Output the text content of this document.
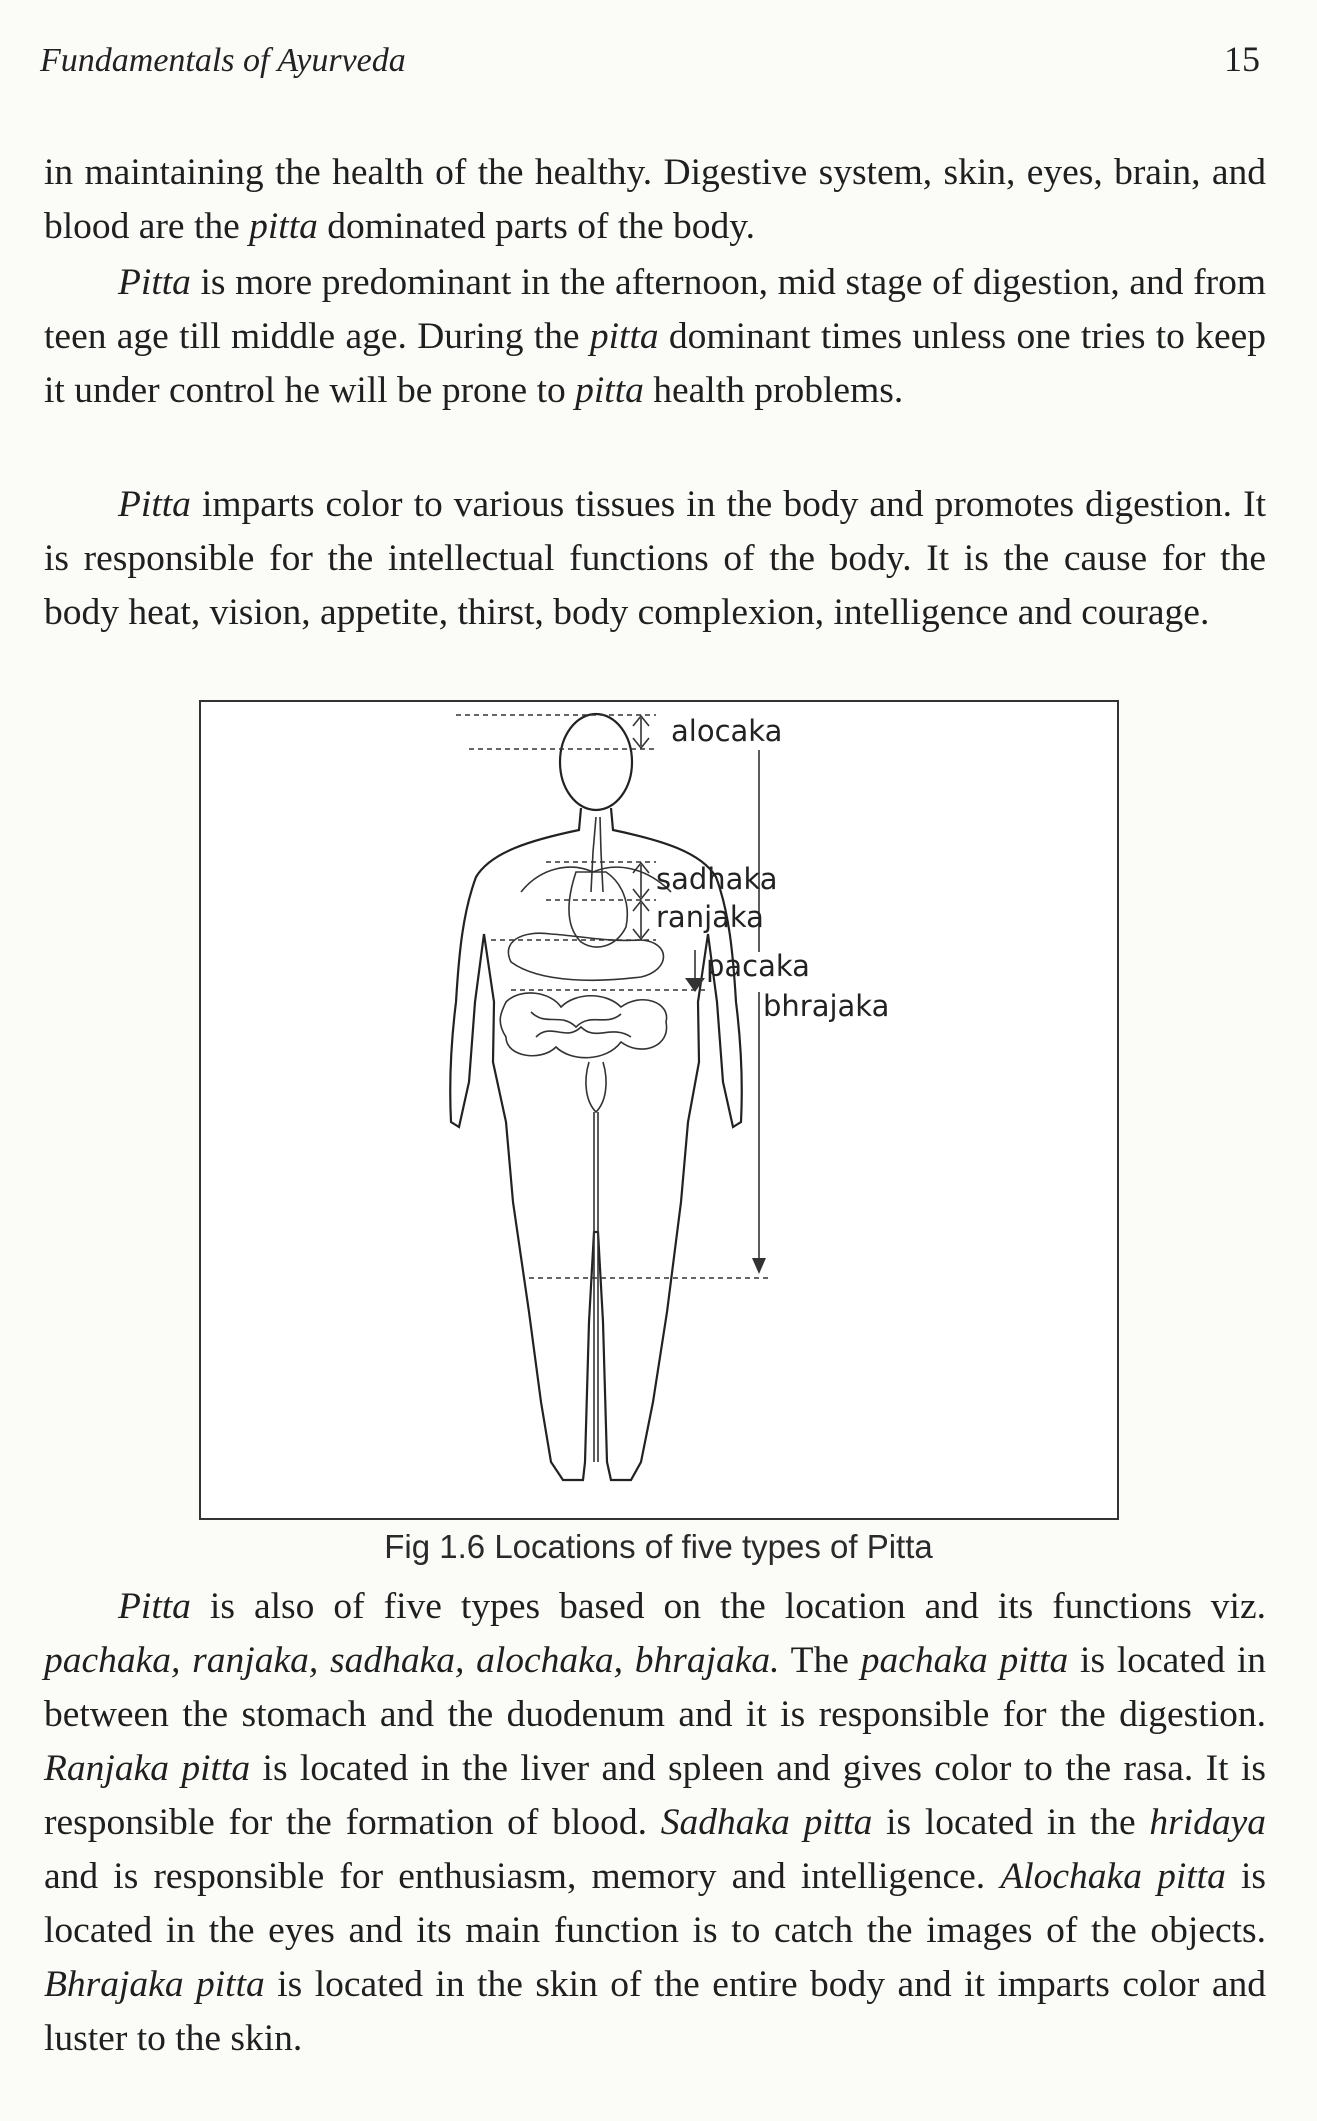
Fundamentals of Ayurveda	15

in maintaining the health of the healthy. Digestive system, skin, eyes, brain, and blood are the pitta dominated parts of the body.

Pitta is more predominant in the afternoon, mid stage of digestion, and from teen age till middle age. During the pitta dominant times unless one tries to keep it under control he will be prone to pitta health problems.

Pitta imparts color to various tissues in the body and promotes digestion. It is responsible for the intellectual functions of the body. It is the cause for the body heat, vision, appetite, thirst, body complexion, intelligence and courage.

alocaka
sadhaka
ranjaka
pacaka
bhrajaka
Fig 1.6 Locations of five types of Pitta

Pitta is also of five types based on the location and its functions viz. pachaka, ranjaka, sadhaka, alochaka, bhrajaka. The pachaka pitta is located in between the stomach and the duodenum and it is responsible for the digestion. Ranjaka pitta is located in the liver and spleen and gives color to the rasa. It is responsible for the formation of blood. Sadhaka pitta is located in the hridaya and is responsible for enthusiasm, memory and intelligence. Alochaka pitta is located in the eyes and its main function is to catch the images of the objects. Bhrajaka pitta is located in the skin of the entire body and it imparts color and luster to the skin.
